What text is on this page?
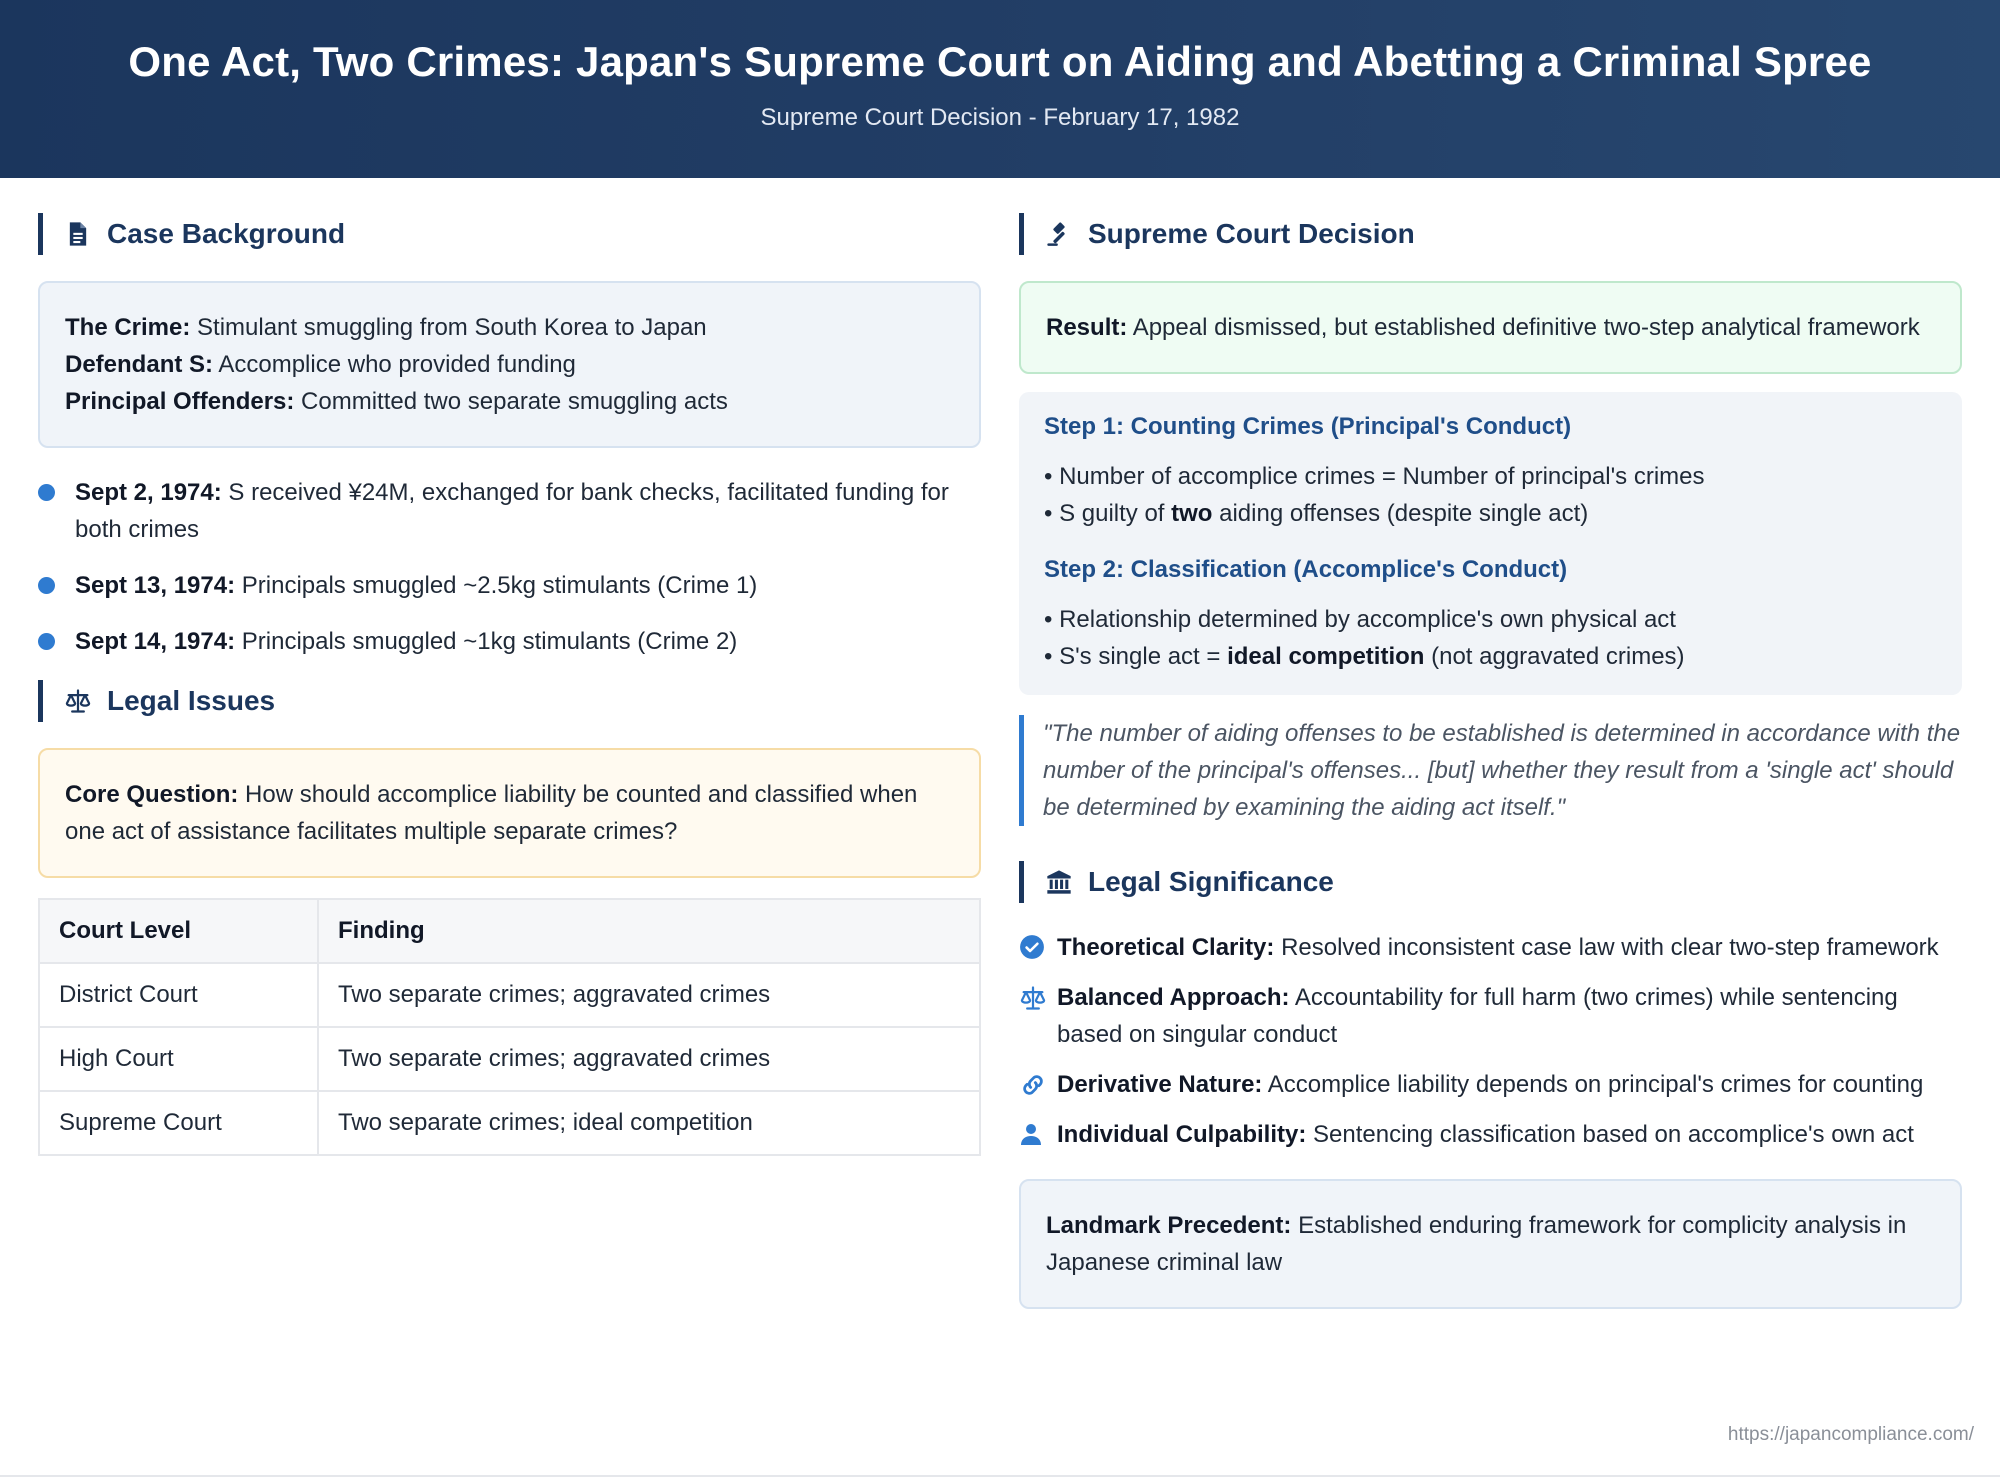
One Act, Two Crimes: Japan's Supreme Court on Aiding and Abetting a Criminal Spree
Supreme Court Decision - February 17, 1982
Case Background
The Crime: Stimulant smuggling from South Korea to Japan
Defendant S: Accomplice who provided funding
Principal Offenders: Committed two separate smuggling acts
Sept 2, 1974: S received ¥24M, exchanged for bank checks, facilitated funding for both crimes
Sept 13, 1974: Principals smuggled ~2.5kg stimulants (Crime 1)
Sept 14, 1974: Principals smuggled ~1kg stimulants (Crime 2)
Legal Issues
Core Question: How should accomplice liability be counted and classified when one act of assistance facilitates multiple separate crimes?
Court Level	Finding
District Court	Two separate crimes; aggravated crimes
High Court	Two separate crimes; aggravated crimes
Supreme Court	Two separate crimes; ideal competition
Supreme Court Decision
Result: Appeal dismissed, but established definitive two-step analytical framework
Step 1: Counting Crimes (Principal's Conduct)
• Number of accomplice crimes = Number of principal's crimes
• S guilty of two aiding offenses (despite single act)
Step 2: Classification (Accomplice's Conduct)
• Relationship determined by accomplice's own physical act
• S's single act = ideal competition (not aggravated crimes)
"The number of aiding offenses to be established is determined in accordance with the number of the principal's offenses... [but] whether they result from a 'single act' should be determined by examining the aiding act itself."
Legal Significance
Theoretical Clarity: Resolved inconsistent case law with clear two-step framework
Balanced Approach: Accountability for full harm (two crimes) while sentencing based on singular conduct
Derivative Nature: Accomplice liability depends on principal's crimes for counting
Individual Culpability: Sentencing classification based on accomplice's own act
Landmark Precedent: Established enduring framework for complicity analysis in Japanese criminal law
https://japancompliance.com/
